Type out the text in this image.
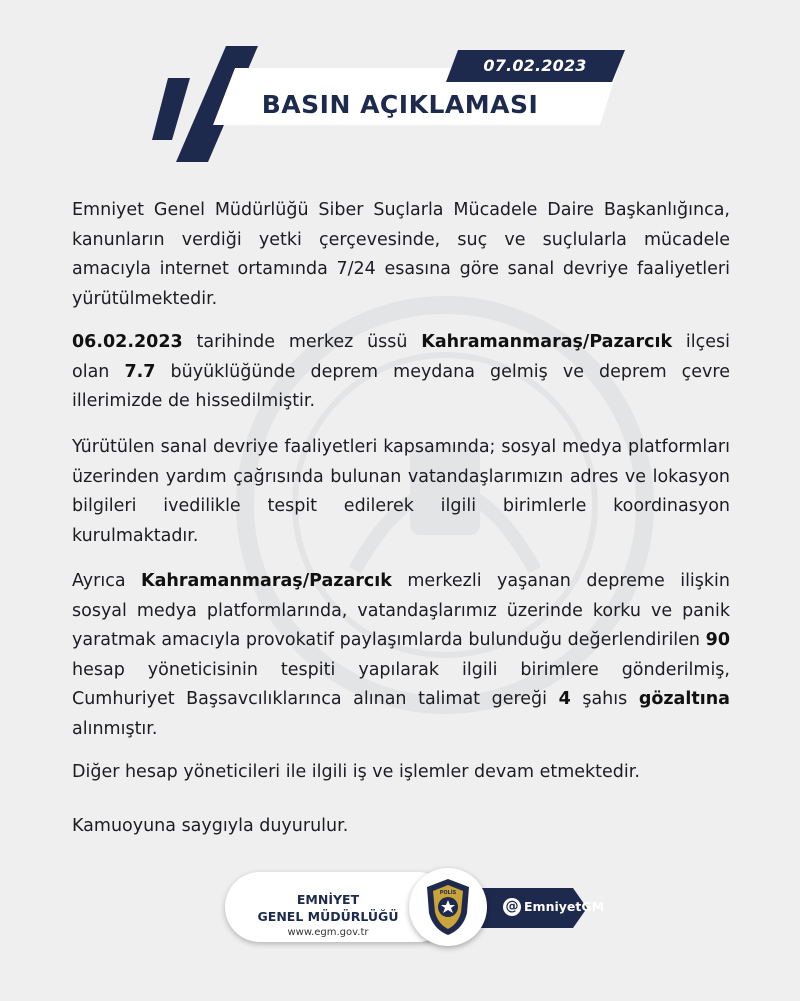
07.02.2023
BASIN AÇIKLAMASI

Emniyet Genel Müdürlüğü Siber Suçlarla Mücadele Daire Başkanlığınca, kanunların verdiği yetki çerçevesinde, suç ve suçlularla mücadele amacıyla internet ortamında 7/24 esasına göre sanal devriye faaliyetleri yürütülmektedir.

06.02.2023 tarihinde merkez üssü Kahramanmaraş/Pazarcık ilçesi olan 7.7 büyüklüğünde deprem meydana gelmiş ve deprem çevre illerimizde de hissedilmiştir.

Yürütülen sanal devriye faaliyetleri kapsamında; sosyal medya platformları üzerinden yardım çağrısında bulunan vatandaşlarımızın adres ve lokasyon bilgileri ivedilikle tespit edilerek ilgili birimlerle koordinasyon kurulmaktadır.

Ayrıca Kahramanmaraş/Pazarcık merkezli yaşanan depreme ilişkin sosyal medya platformlarında, vatandaşlarımız üzerinde korku ve panik yaratmak amacıyla provokatif paylaşımlarda bulunduğu değerlendirilen 90 hesap yöneticisinin tespiti yapılarak ilgili birimlere gönderilmiş, Cumhuriyet Başsavcılıklarınca alınan talimat gereği 4 şahıs gözaltına alınmıştır.

Diğer hesap yöneticileri ile ilgili iş ve işlemler devam etmektedir.

Kamuoyuna saygıyla duyurulur.

EMNİYET
GENEL MÜDÜRLÜĞÜ
www.egm.gov.tr
@ EmniyetGM
POLİS
